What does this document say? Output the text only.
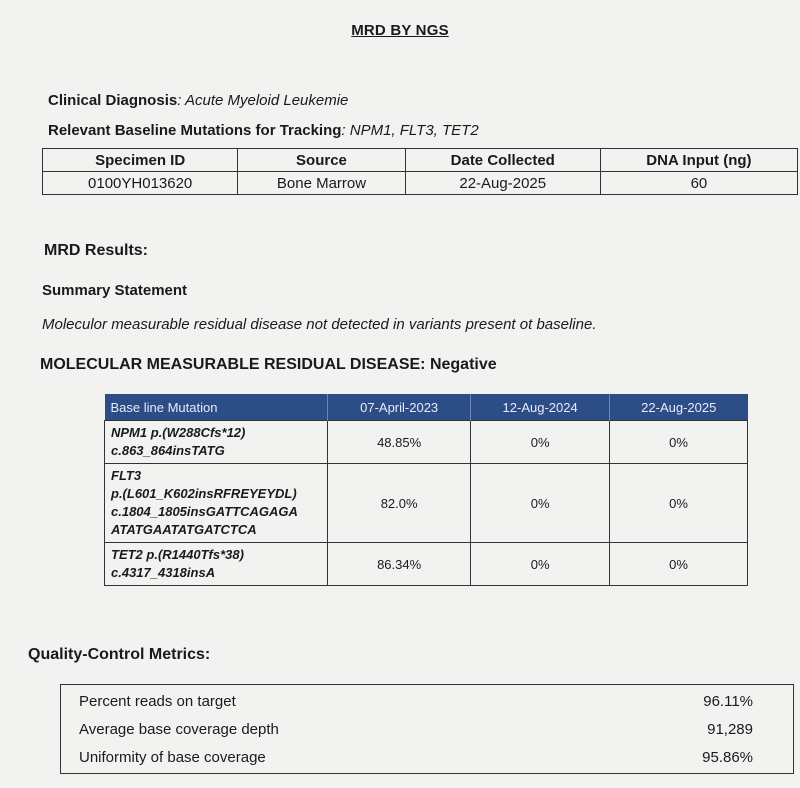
MRD BY NGS
Clinical Diagnosis: Acute Myeloid Leukemie
Relevant Baseline Mutations for Tracking: NPM1, FLT3, TET2
Specimen ID	Source	Date Collected	DNA Input (ng)
0100YH013620	Bone Marrow	22-Aug-2025	60
MRD Results:
Summary Statement
Moleculor measurable residual disease not detected in variants present ot baseline.
MOLECULAR MEASURABLE RESIDUAL DISEASE: Negative
Base line Mutation	07-April-2023	12-Aug-2024	22-Aug-2025

NPM1 p.(W288Cfs*12)
c.863_864insTATG	48.85%	0%	0%

FLT3
p.(L601_K602insRFREYEYDL)
c.1804_1805insGATTCAGAGA
ATATGAATATGATCTCA	82.0%	0%	0%

TET2 p.(R1440Tfs*38)
c.4317_4318insA	86.34%	0%	0%
Quality-Control Metrics:
Percent reads on target	96.11%
Average base coverage depth	91,289
Uniformity of base coverage	95.86%
